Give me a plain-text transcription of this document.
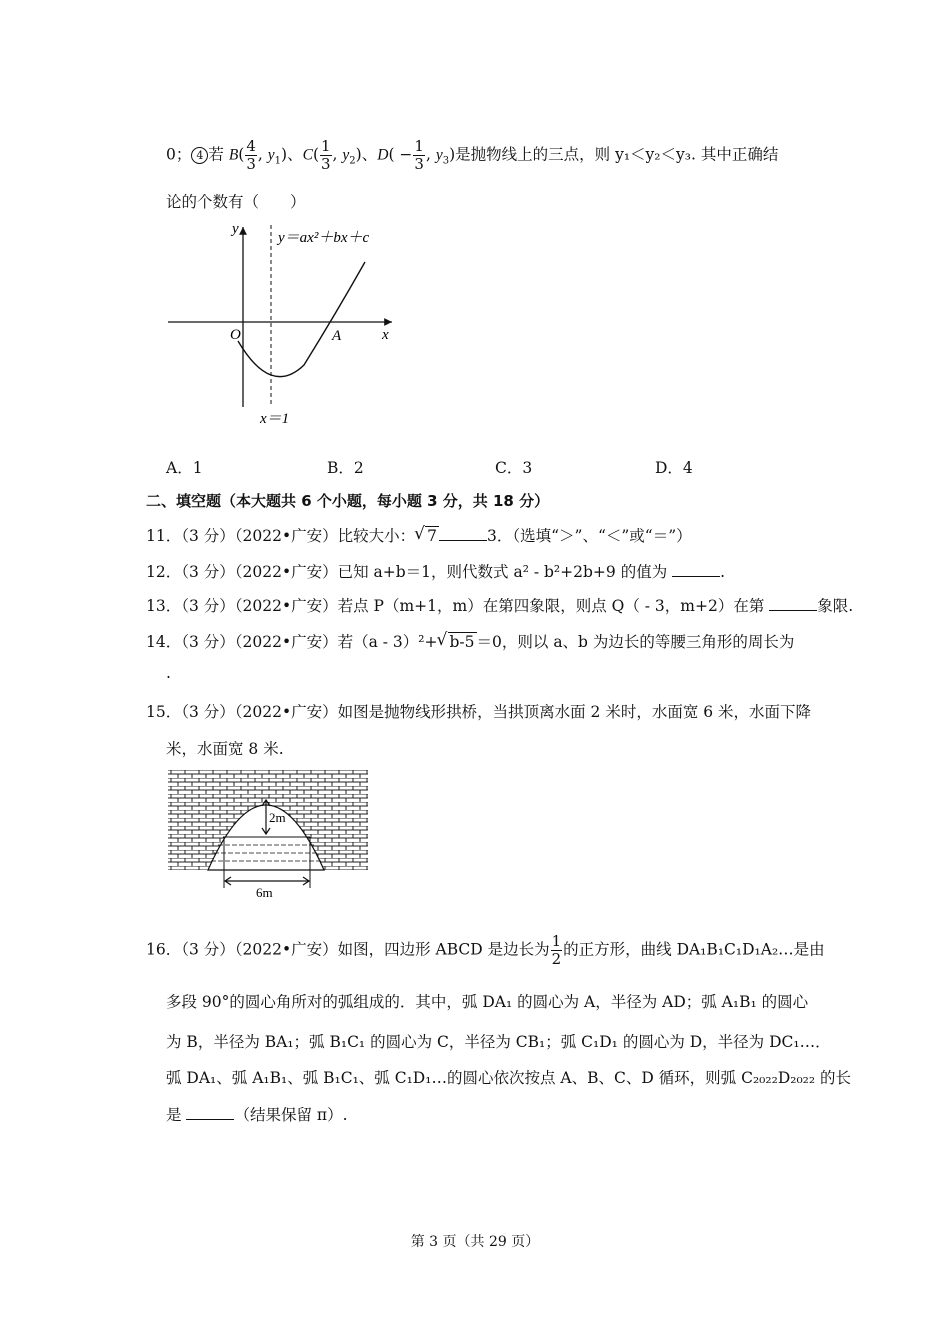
0； 4 若 $B( \frac{4}{3}$ , $y_1$)、$C( \frac{1}{3}$ , $y_2$)、$D( - \frac{1}{3}$ , $y_3$)是抛物线上的三点，则 y₁＜y₂＜y₃. 其中正确结
论的个数有（　　）
y
x
O	A
y＝ax²＋bx＋c
x＝1
A．1	B．2	C．3	D．4
二、填空题（本大题共 6 个小题，每小题 3 分，共 18 分）
11．（3 分）（2022•广安）比较大小： √ 7	3．（选填“＞”、“＜”或“＝”）
12．（3 分）（2022•广安）已知 a+b＝1，则代数式 a² - b²+2b+9 的值为	.
13．（3 分）（2022•广安）若点 P（m+1，m）在第四象限，则点 Q（ - 3，m+2）在第	象限.
14．（3 分）（2022•广安）若（a - 3）²+ √ b-5 ＝0，则以 a、b 为边长的等腰三角形的周长为
.
15．（3 分）（2022•广安）如图是抛物线形拱桥，当拱顶离水面 2 米时，水面宽 6 米，水面下降
米，水面宽 8 米.
2m
6m
16．（3 分）（2022•广安）如图，四边形 ABCD 是边长为 $\frac{1}{2}$ 的正方形，曲线 DA₁B₁C₁D₁A₂…是由
多段 90°的圆心角所对的弧组成的．其中，弧 DA₁ 的圆心为 A，半径为 AD；弧 A₁B₁ 的圆心
为 B，半径为 BA₁；弧 B₁C₁ 的圆心为 C，半径为 CB₁；弧 C₁D₁ 的圆心为 D，半径为 DC₁…．
弧 DA₁、弧 A₁B₁、弧 B₁C₁、弧 C₁D₁…的圆心依次按点 A、B、C、D 循环，则弧 C₂₀₂₂D₂₀₂₂ 的长
是	（结果保留 π）.
第 3 页（共 29 页）
